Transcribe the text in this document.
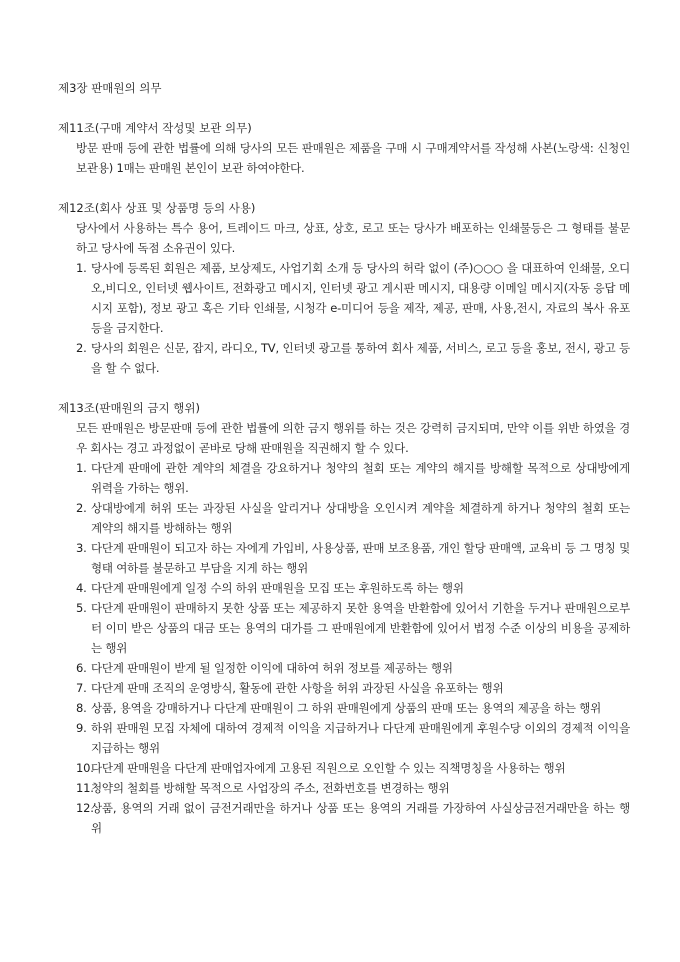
제3장 판매원의 의무

제11조(구매 계약서 작성및 보관 의무)

방문 판매 등에 관한 법률에 의해 당사의 모든 판매원은 제품을 구매 시 구매계약서를 작성해 사본(노랑색: 신청인 보관용) 1매는 판매원 본인이 보관 하여야한다.

제12조(회사 상표 및 상품명 등의 사용)

당사에서 사용하는 특수 용어, 트레이드 마크, 상표, 상호, 로고 또는 당사가 배포하는 인쇄물등은 그 형태를 불문하고 당사에 독점 소유권이 있다.

1. 당사에 등록된 회원은 제품, 보상제도, 사업기회 소개 등 당사의 허락 없이 (주)○○○ 을 대표하여 인쇄물, 오디오,비디오, 인터넷 웹사이트, 전화광고 메시지, 인터넷 광고 게시판 메시지, 대용량 이메일 메시지(자동 응답 메시지 포함), 정보 광고 혹은 기타 인쇄물, 시청각 e-미디어 등을 제작, 제공, 판매, 사용,전시, 자료의 복사 유포 등을 금지한다.
2. 당사의 회원은 신문, 잡지, 라디오, TV, 인터넷 광고를 통하여 회사 제품, 서비스, 로고 등을 홍보, 전시, 광고 등을 할 수 없다.

제13조(판매원의 금지 행위)

모든 판매원은 방문판매 등에 관한 법률에 의한 금지 행위를 하는 것은 강력히 금지되며, 만약 이를 위반 하였을 경우 회사는 경고 과정없이 곧바로 당해 판매원을 직권해지 할 수 있다.

1. 다단계 판매에 관한 계약의 체결을 강요하거나 청약의 철회 또는 계약의 해지를 방해할 목적으로 상대방에게 위력을 가하는 행위.
2. 상대방에게 허위 또는 과장된 사실을 알리거나 상대방을 오인시켜 계약을 체결하게 하거나 청약의 철회 또는 계약의 해지를 방해하는 행위
3. 다단계 판매원이 되고자 하는 자에게 가입비, 사용상품, 판매 보조용품, 개인 할당 판매액, 교육비 등 그 명칭 및 형태 여하를 불문하고 부담을 지게 하는 행위
4. 다단계 판매원에게 일정 수의 하위 판매원을 모집 또는 후원하도록 하는 행위
5. 다단계 판매원이 판매하지 못한 상품 또는 제공하지 못한 용역을 반환함에 있어서 기한을 두거나 판매원으로부터 이미 받은 상품의 대금 또는 용역의 대가를 그 판매원에게 반환함에 있어서 법정 수준 이상의 비용을 공제하는 행위
6. 다단계 판매원이 받게 될 일정한 이익에 대하여 허위 정보를 제공하는 행위
7. 다단계 판매 조직의 운영방식, 활동에 관한 사항을 허위 과장된 사실을 유포하는 행위
8. 상품, 용역을 강매하거나 다단계 판매원이 그 하위 판매원에게 상품의 판매 또는 용역의 제공을 하는 행위
9. 하위 판매원 모집 자체에 대하여 경제적 이익을 지급하거나 다단계 판매원에게 후원수당 이외의 경제적 이익을 지급하는 행위
10.
다단계 판매원을 다단계 판매업자에게 고용된 직원으로 오인할 수 있는 직책명칭을 사용하는 행위
11.
청약의 철회를 방해할 목적으로 사업장의 주소, 전화번호를 변경하는 행위
12.
상품, 용역의 거래 없이 금전거래만을 하거나 상품 또는 용역의 거래를 가장하여 사실상금전거래만을 하는 행위
